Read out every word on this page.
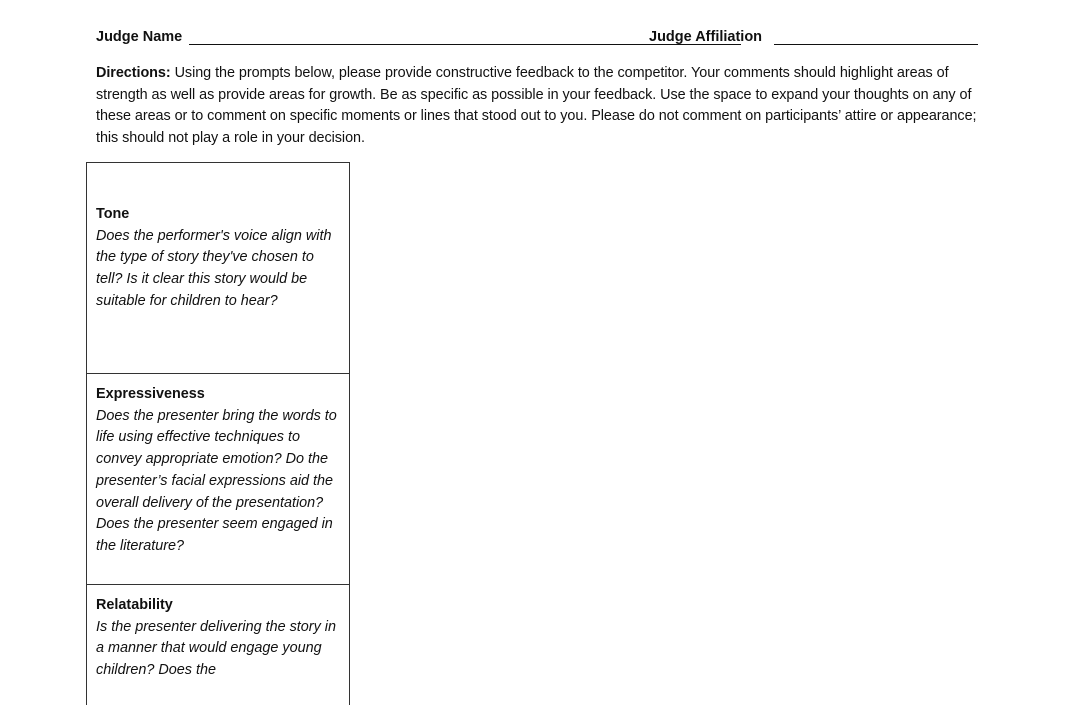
Judge Name	Judge Affiliation
Directions: Using the prompts below, please provide constructive feedback to the competitor. Your comments should highlight areas of strength as well as provide areas for growth. Be as specific as possible in your feedback. Use the space to expand your thoughts on any of these areas or to comment on specific moments or lines that stood out to you. Please do not comment on participants’ attire or appearance; this should not play a role in your decision.
Tone
Does the performer's voice align with the type of story they've chosen to tell? Is it clear this story would be suitable for children to hear?
Expressiveness
Does the presenter bring the words to life using effective techniques to convey appropriate emotion? Do the presenter’s facial expressions aid the overall delivery of the presentation? Does the presenter seem engaged in the literature?
Relatability
Is the presenter delivering the story in a manner that would engage young children? Does the
